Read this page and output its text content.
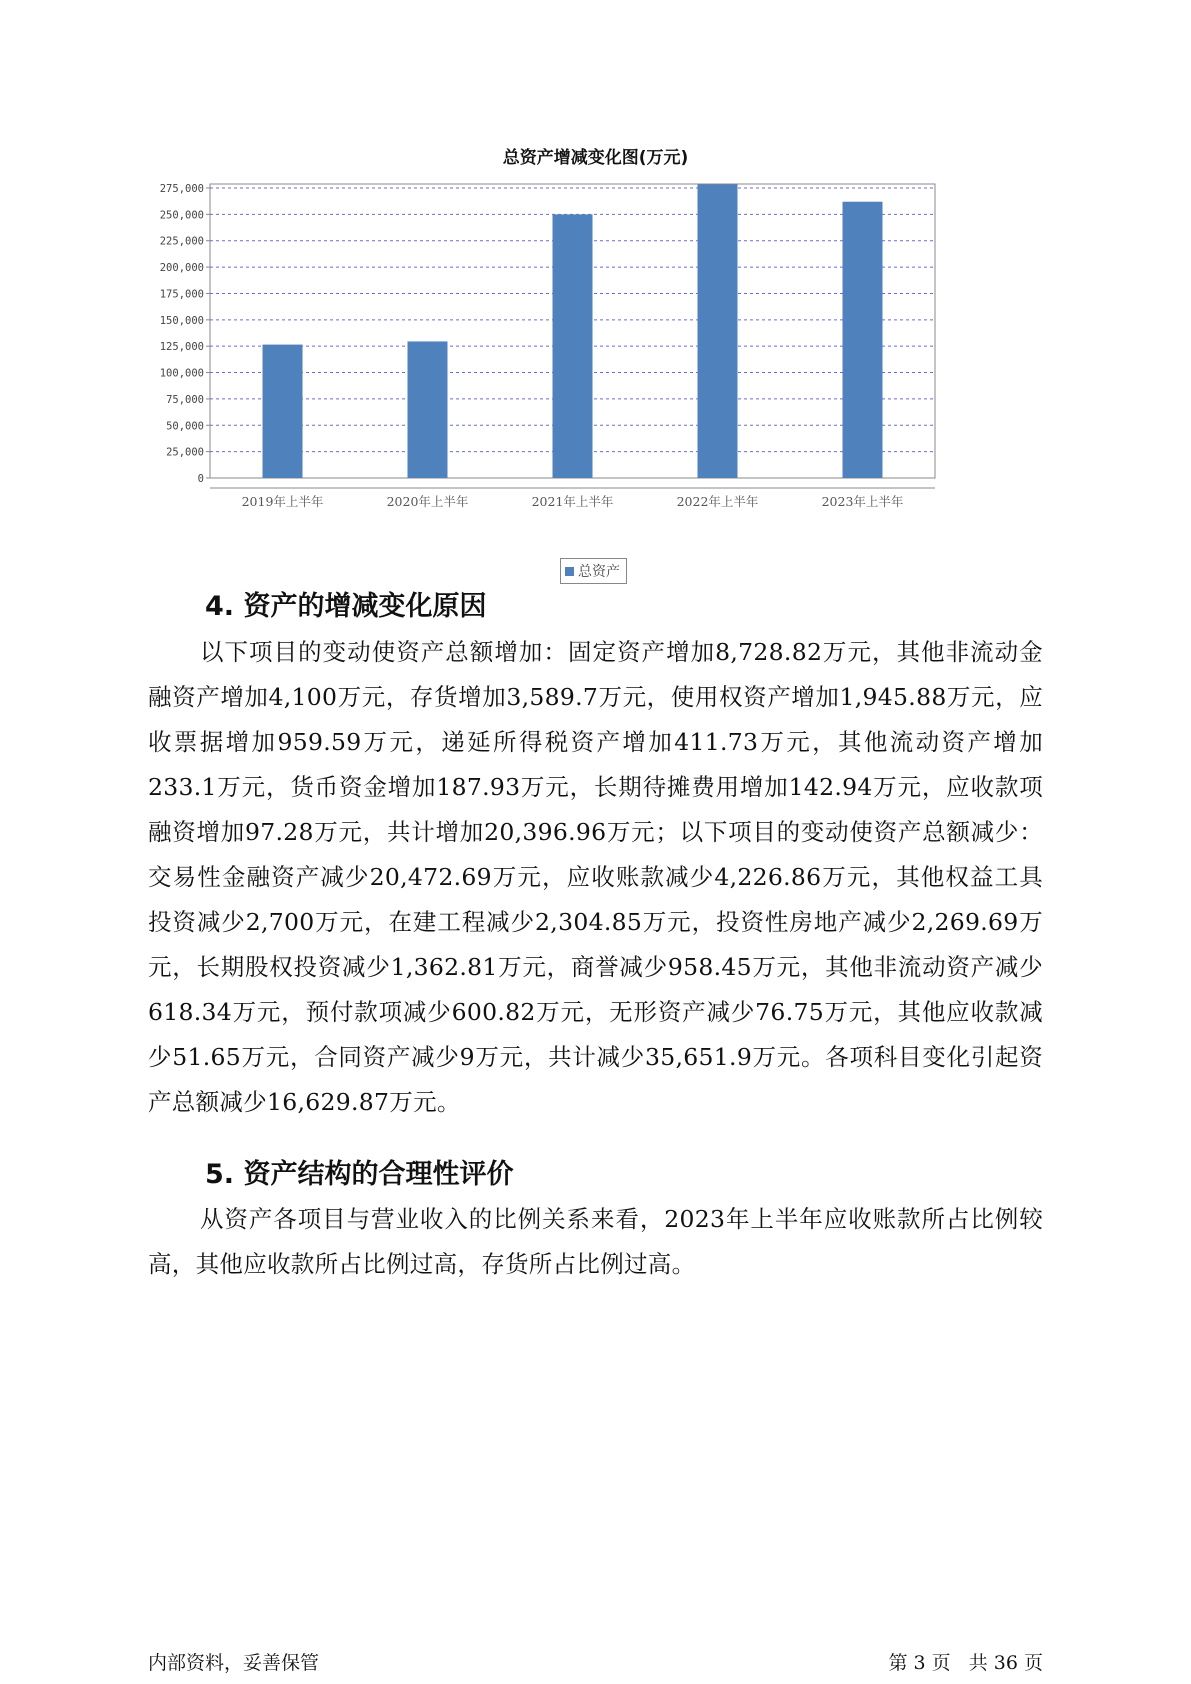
总资产增减变化图(万元)
0
25,000
50,000
75,000
100,000
125,000
150,000
175,000
200,000
225,000
250,000
275,000
2019年上半年	2020年上半年	2021年上半年	2022年上半年	2023年上半年
总资产
4. 资产的增减变化原因

以下项目的变动使资产总额增加：固定资产增加8,728.82万元，其他非流动金融资产增加4,100万元，存货增加3,589.7万元，使用权资产增加1,945.88万元，应收票据增加959.59万元，递延所得税资产增加411.73万元，其他流动资产增加233.1万元，货币资金增加187.93万元，长期待摊费用增加142.94万元，应收款项融资增加97.28万元，共计增加20,396.96万元；以下项目的变动使资产总额减少：交易性金融资产减少20,472.69万元，应收账款减少4,226.86万元，其他权益工具投资减少2,700万元，在建工程减少2,304.85万元，投资性房地产减少2,269.69万元，长期股权投资减少1,362.81万元，商誉减少958.45万元，其他非流动资产减少618.34万元，预付款项减少600.82万元，无形资产减少76.75万元，其他应收款减少51.65万元，合同资产减少9万元，共计减少35,651.9万元。各项科目变化引起资产总额减少16,629.87万元。

5. 资产结构的合理性评价

从资产各项目与营业收入的比例关系来看，2023年上半年应收账款所占比例较高，其他应收款所占比例过高，存货所占比例过高。

内部资料，妥善保管	第 3 页   共 36 页
